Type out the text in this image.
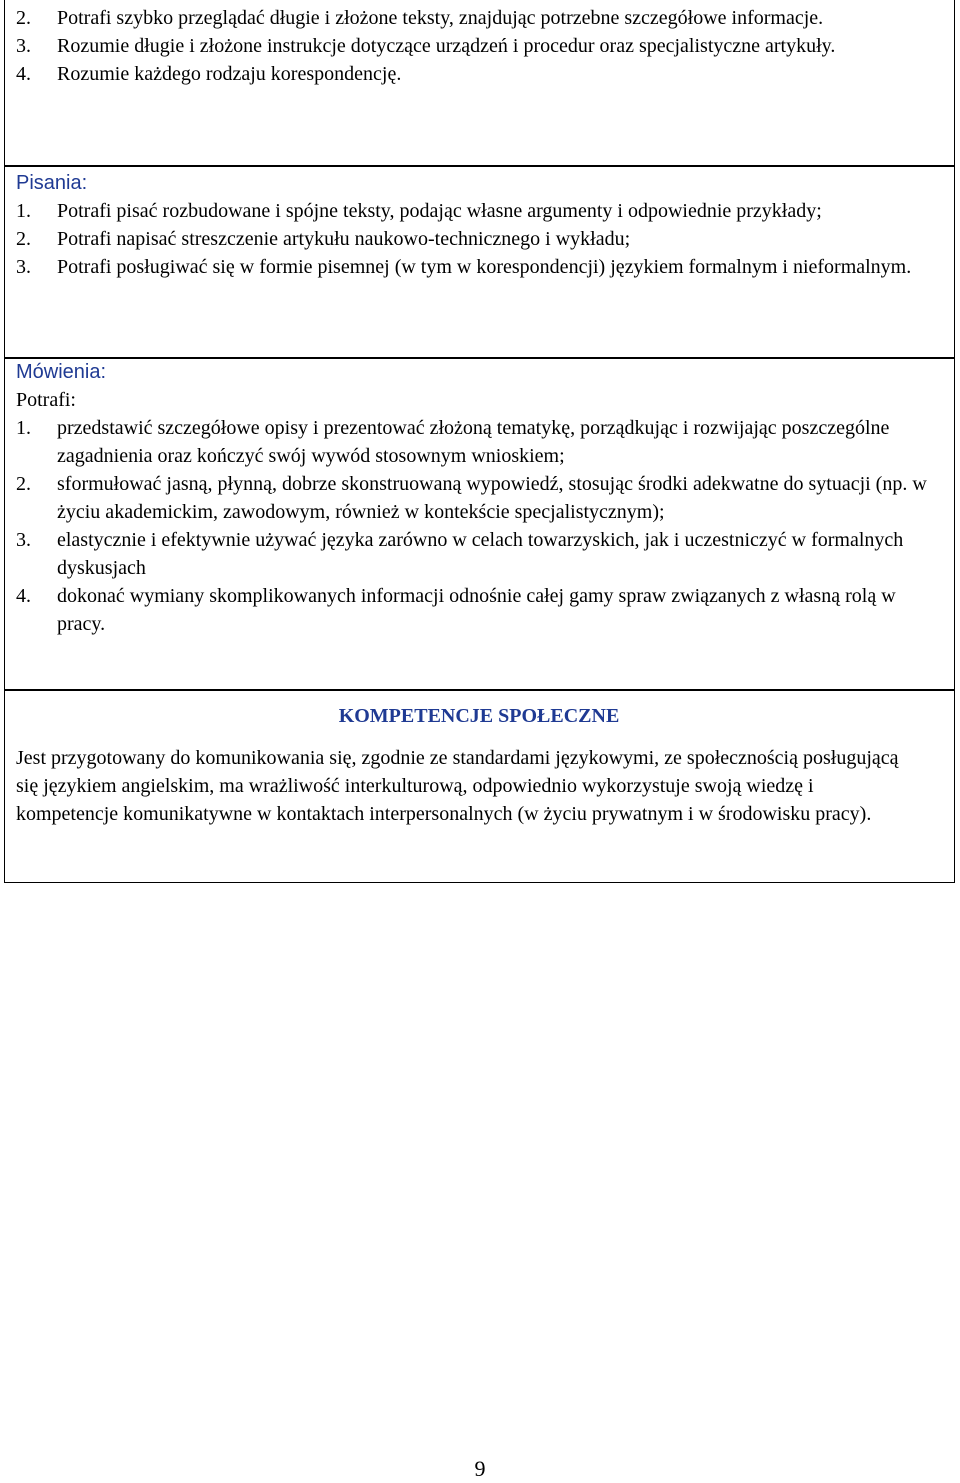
2.	Potrafi szybko przeglądać długie i złożone teksty, znajdując potrzebne szczegółowe informacje.
3.	Rozumie długie i złożone instrukcje dotyczące urządzeń i procedur oraz specjalistyczne artykuły.
4.	Rozumie każdego rodzaju korespondencję.
Pisania:
1.	Potrafi pisać rozbudowane i spójne teksty, podając własne argumenty i odpowiednie przykłady;
2.	Potrafi napisać streszczenie artykułu naukowo-technicznego i wykładu;
3.	Potrafi posługiwać się w formie pisemnej (w tym w korespondencji) językiem formalnym i nieformalnym.
Mówienia:
Potrafi:
1.	przedstawić szczegółowe opisy i prezentować złożoną tematykę, porządkując i rozwijając poszczególne zagadnienia oraz kończyć swój wywód stosownym wnioskiem;
2.	sformułować jasną, płynną, dobrze skonstruowaną wypowiedź, stosując środki adekwatne do sytuacji (np. w życiu akademickim, zawodowym, również w kontekście specjalistycznym);
3.	elastycznie i efektywnie używać języka zarówno w celach towarzyskich, jak i uczestniczyć w formalnych dyskusjach
4.	dokonać wymiany skomplikowanych informacji odnośnie całej gamy spraw związanych z własną rolą w pracy.
KOMPETENCJE SPOŁECZNE
Jest przygotowany do komunikowania się, zgodnie ze standardami językowymi, ze społecznością posługującą się językiem angielskim, ma wrażliwość interkulturową, odpowiednio wykorzystuje swoją wiedzę i kompetencje komunikatywne w kontaktach interpersonalnych (w życiu prywatnym i w środowisku pracy).
9
